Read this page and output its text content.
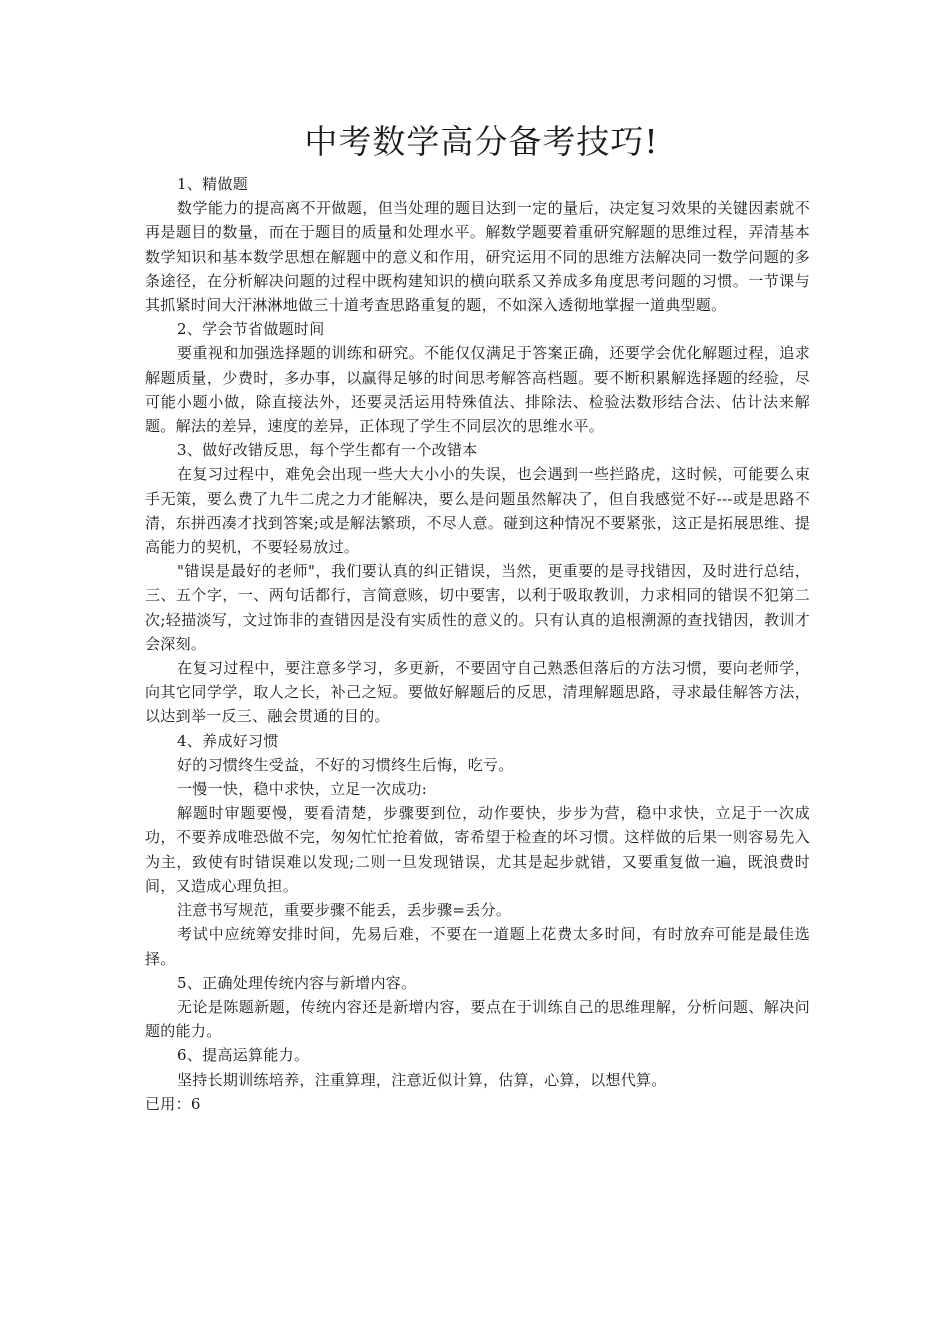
中考数学高分备考技巧!
1、精做题
数学能力的提高离不开做题，但当处理的题目达到一定的量后，决定复习效果的关键因素就不再是题目的数量，而在于题目的质量和处理水平。解数学题要着重研究解题的思维过程，弄清基本数学知识和基本数学思想在解题中的意义和作用，研究运用不同的思维方法解决同一数学问题的多条途径，在分析解决问题的过程中既构建知识的横向联系又养成多角度思考问题的习惯。一节课与其抓紧时间大汗淋淋地做三十道考查思路重复的题，不如深入透彻地掌握一道典型题。
2、学会节省做题时间
要重视和加强选择题的训练和研究。不能仅仅满足于答案正确，还要学会优化解题过程，追求解题质量，少费时，多办事，以赢得足够的时间思考解答高档题。要不断积累解选择题的经验，尽可能小题小做，除直接法外，还要灵活运用特殊值法、排除法、检验法数形结合法、估计法来解题。解法的差异，速度的差异，正体现了学生不同层次的思维水平。
3、做好改错反思，每个学生都有一个改错本
在复习过程中，难免会出现一些大大小小的失误，也会遇到一些拦路虎，这时候，可能要么束手无策，要么费了九牛二虎之力才能解决，要么是问题虽然解决了，但自我感觉不好---或是思路不清，东拼西凑才找到答案;或是解法繁琐，不尽人意。碰到这种情况不要紧张，这正是拓展思维、提高能力的契机，不要轻易放过。
"错误是最好的老师"，我们要认真的纠正错误，当然，更重要的是寻找错因，及时进行总结，三、五个字，一、两句话都行，言简意赅，切中要害，以利于吸取教训，力求相同的错误不犯第二次;轻描淡写，文过饰非的查错因是没有实质性的意义的。只有认真的追根溯源的查找错因，教训才会深刻。
在复习过程中，要注意多学习，多更新，不要固守自己熟悉但落后的方法习惯，要向老师学，向其它同学学，取人之长，补己之短。要做好解题后的反思，清理解题思路，寻求最佳解答方法，以达到举一反三、融会贯通的目的。
4、养成好习惯
好的习惯终生受益，不好的习惯终生后悔，吃亏。
一慢一快，稳中求快，立足一次成功:
解题时审题要慢，要看清楚，步骤要到位，动作要快，步步为营，稳中求快，立足于一次成功，不要养成唯恐做不完，匆匆忙忙抢着做，寄希望于检查的坏习惯。这样做的后果一则容易先入为主，致使有时错误难以发现;二则一旦发现错误，尤其是起步就错，又要重复做一遍，既浪费时间，又造成心理负担。
注意书写规范，重要步骤不能丢，丢步骤=丢分。
考试中应统筹安排时间，先易后难，不要在一道题上花费太多时间，有时放弃可能是最佳选择。
5、正确处理传统内容与新增内容。
无论是陈题新题，传统内容还是新增内容，要点在于训练自己的思维理解，分析问题、解决问题的能力。
6、提高运算能力。
坚持长期训练培养，注重算理，注意近似计算，估算，心算，以想代算。
已用：6
